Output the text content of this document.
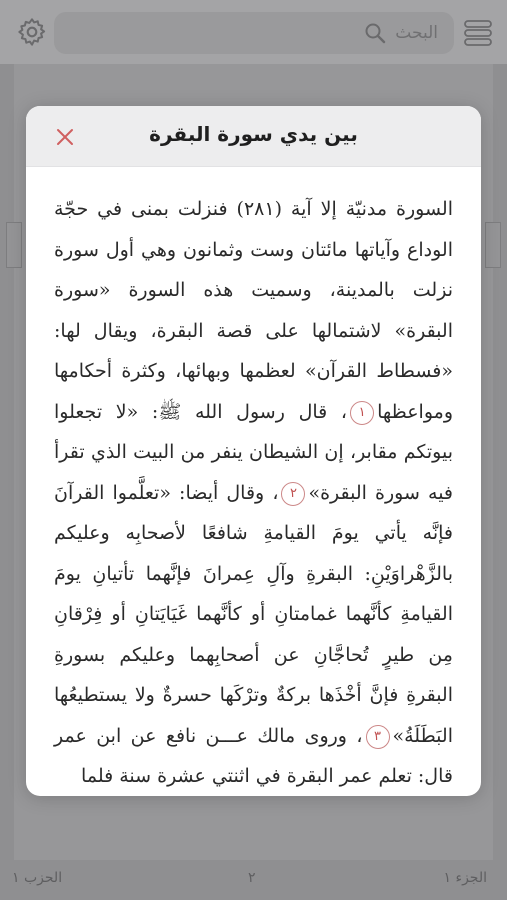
البحث
الحزب ١	٢	الجزء ١
بين يدي سورة البقرة

السورة مدنيّة إلا آية (٢٨١) فنزلت بمنى في حجّة الوداع وآياتها مائتان وست وثمانون وهي أول سورة نزلت بالمدينة، وسميت هذه السورة «سورة البقرة» لاشتمالها على قصة البقرة، ويقال لها: «فسطاط القرآن» لعظمها وبهائها، وكثرة أحكامها ومواعظها١، قال رسول الله ﷺ: «لا تجعلوا بيوتكم مقابر، إن الشيطان ينفر من البيت الذي تقرأ فيه سورة البقرة»٢، وقال أيضا: «تعلَّموا القرآنَ فإنَّه يأتي يومَ القيامةِ شافعًا لأصحابِه وعليكم بالزَّهْراوَيْنِ: البقرةِ وآلِ عِمرانَ فإنَّهما تأتيانِ يومَ القيامةِ كأنَّهما غمامتانِ أو كأنَّهما غَيَايَتانِ أو فِرْقانِ مِن طيرٍ تُحاجَّانِ عن أصحابِهما وعليكم بسورةِ البقرةِ فإنَّ أخْذَها بركةٌ وترْكَها حسرةٌ ولا يستطيعُها البَطَلَةُ»٣، وروى مالك عـــن نافع عن ابن عمر قال: تعلم عمر البقرة في اثنتي عشرة سنة فلما
